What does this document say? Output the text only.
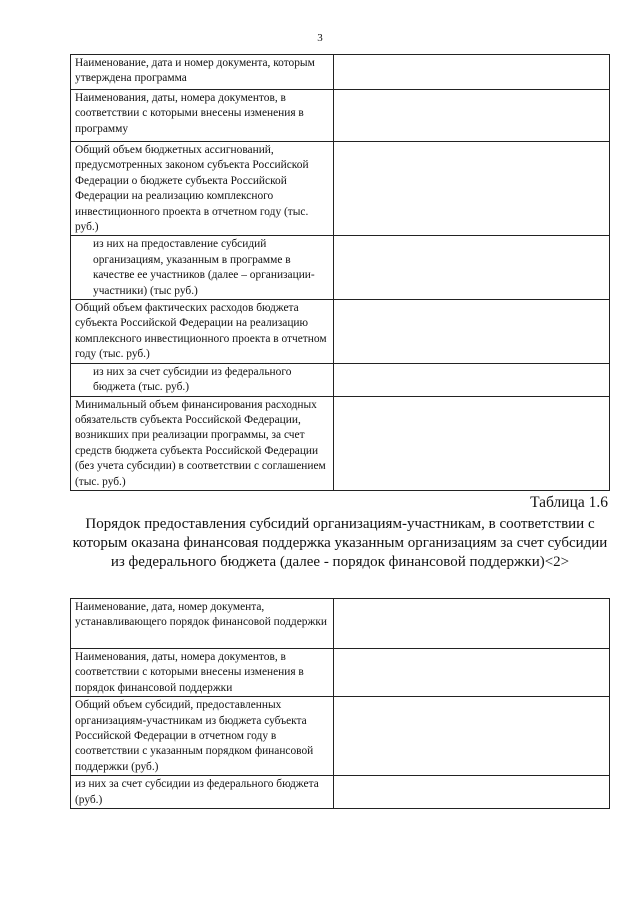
3
Наименование, дата и номер документа, которым утверждена программа	
Наименования, даты, номера документов, в соответствии с которыми внесены изменения в программу	
Общий объем бюджетных ассигнований, предусмотренных законом субъекта Российской Федерации о бюджете субъекта Российской Федерации на реализацию комплексного инвестиционного проекта в отчетном году (тыс. руб.)	
из них на предоставление субсидий организациям, указанным в программе в качестве ее участников (далее – организации-участники) (тыс руб.)	
Общий объем фактических расходов бюджета субъекта Российской Федерации на реализацию комплексного инвестиционного проекта в отчетном году (тыс. руб.)	
из них за счет субсидии из федерального бюджета (тыс. руб.)	
Минимальный объем финансирования расходных обязательств субъекта Российской Федерации, возникших при реализации программы, за счет средств бюджета субъекта Российской Федерации (без учета субсидии) в соответствии с соглашением (тыс. руб.)	
Таблица 1.6
Порядок предоставления субсидий организациям-участникам, в соответствии с которым оказана финансовая поддержка указанным организациям за счет субсидии из федерального бюджета (далее - порядок финансовой поддержки)<2>
Наименование, дата, номер документа, устанавливающего порядок финансовой поддержки	
Наименования, даты, номера документов, в соответствии с которыми внесены изменения в порядок финансовой поддержки	
Общий объем субсидий, предоставленных организациям-участникам из бюджета субъекта Российской Федерации в отчетном году в соответствии с указанным порядком финансовой поддержки (руб.)	
из них за счет субсидии из федерального бюджета (руб.)	
